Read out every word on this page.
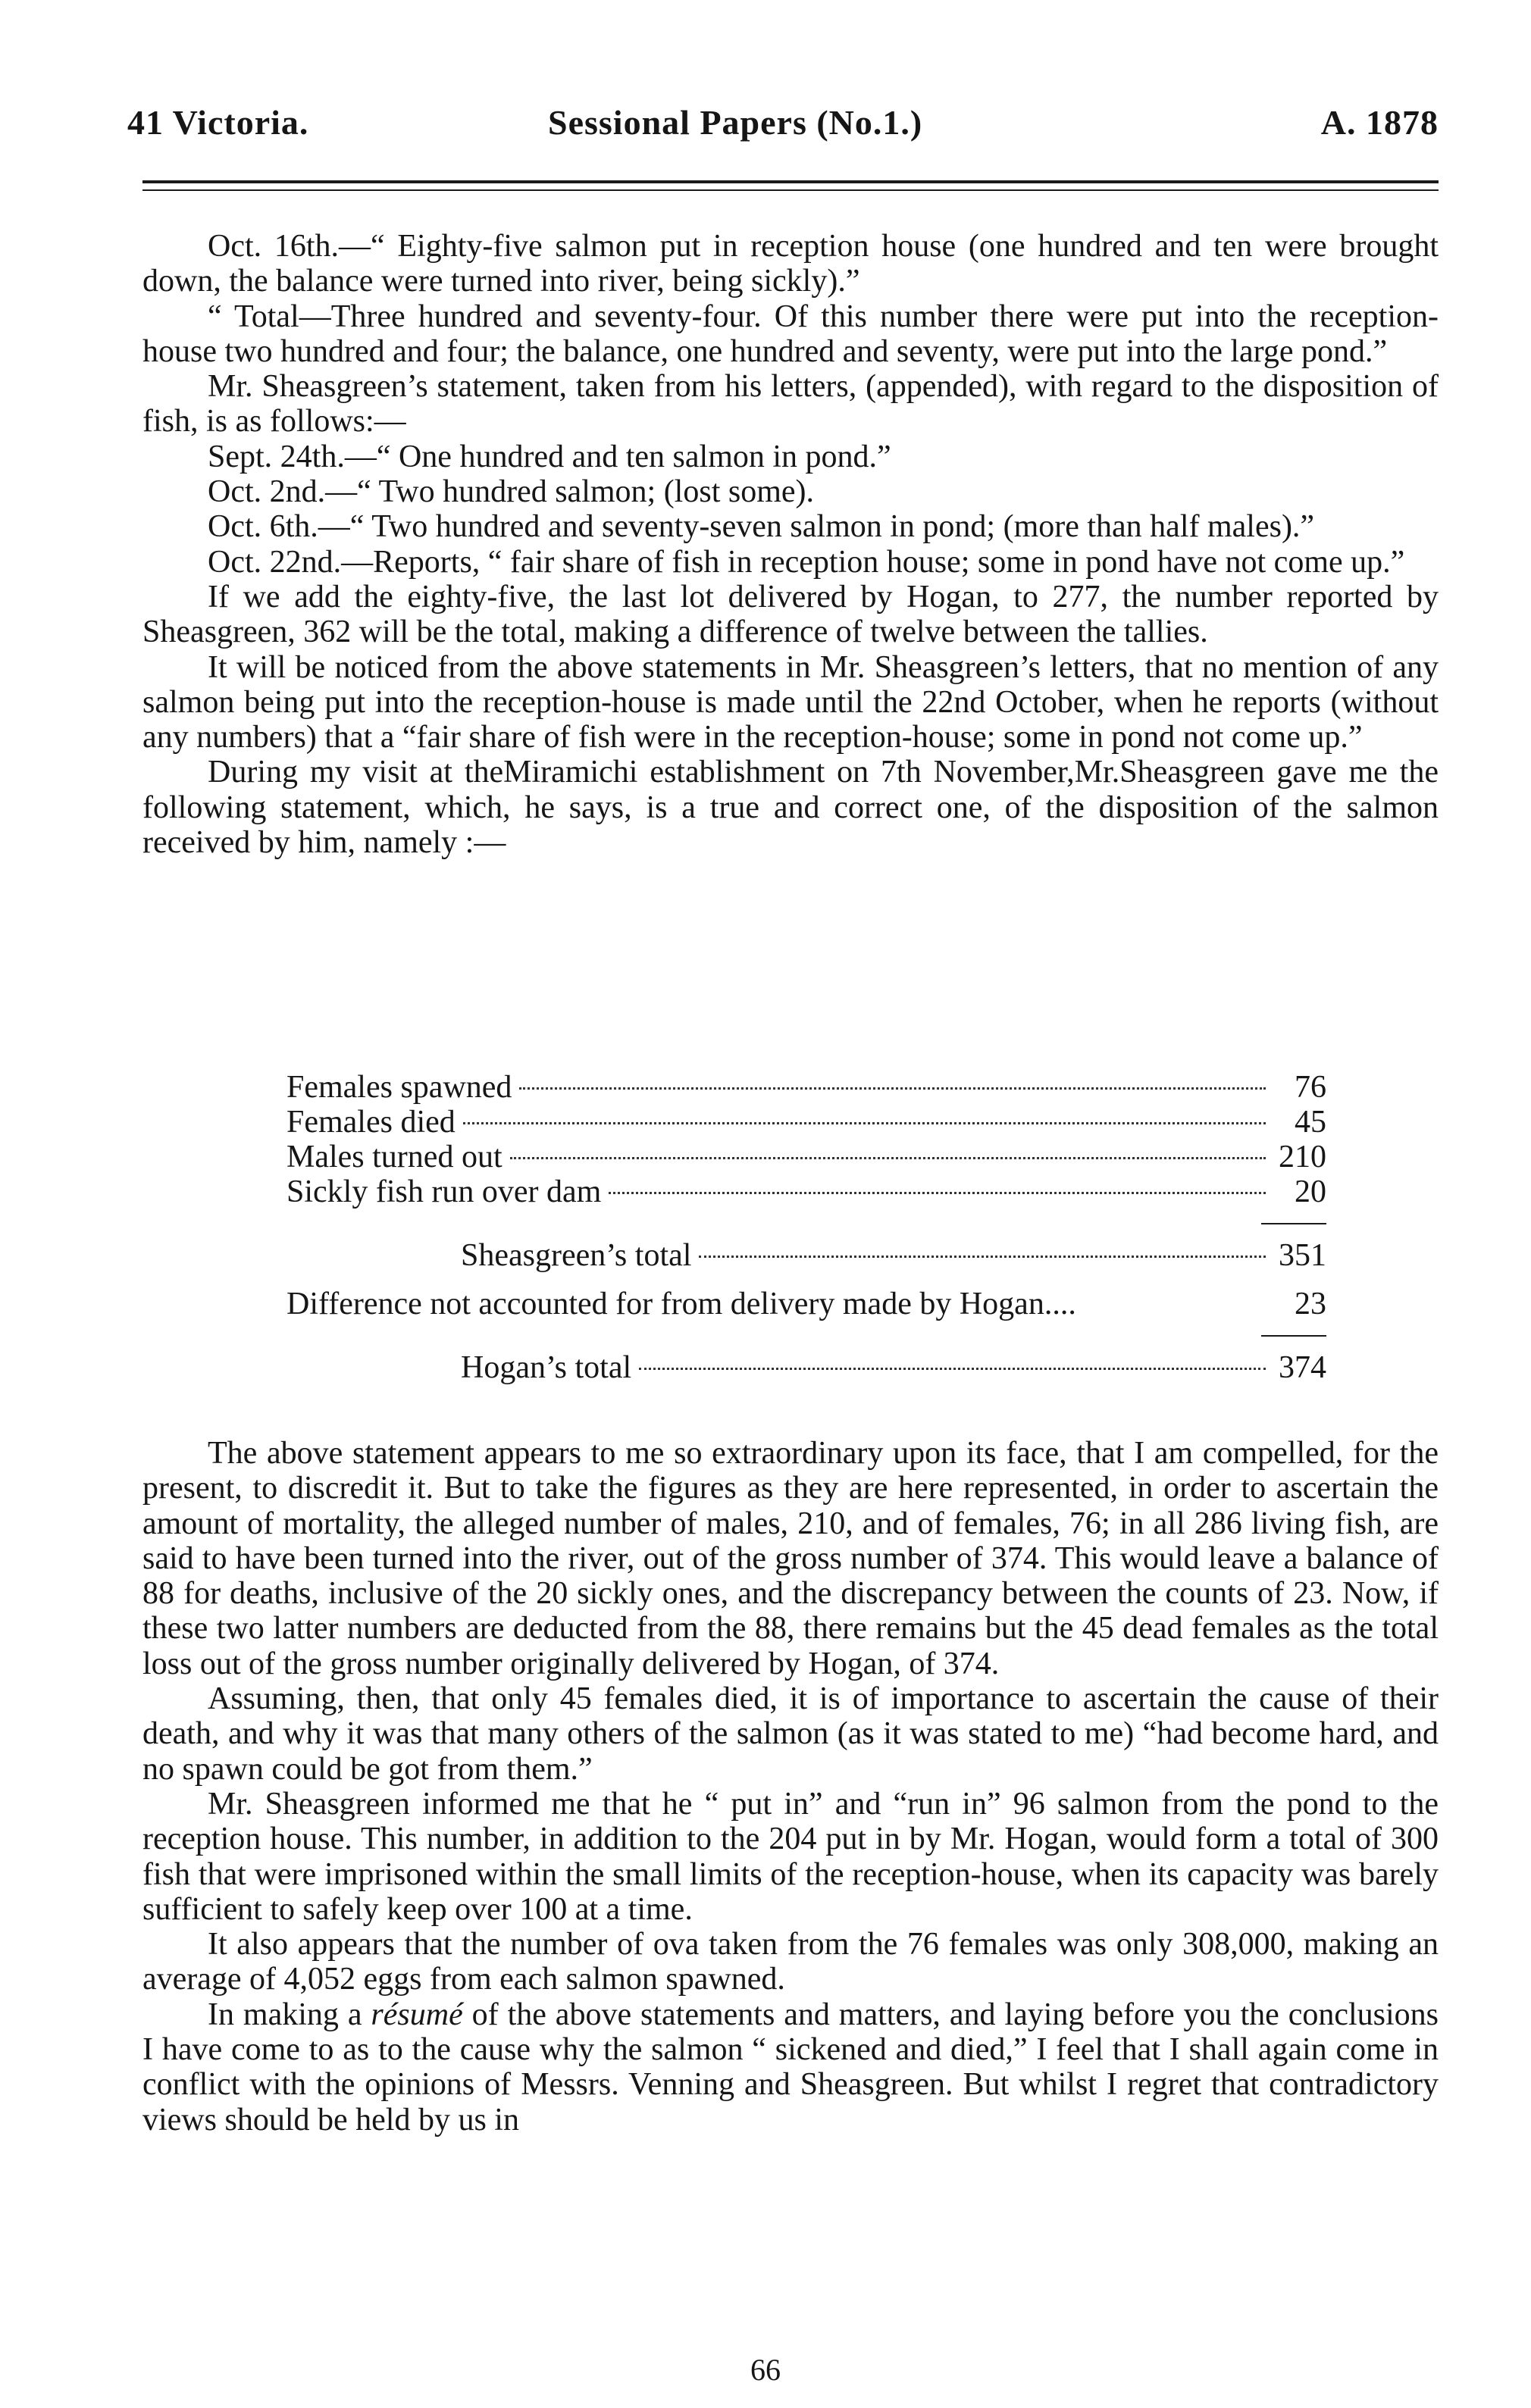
41 Victoria.	Sessional Papers (No.1.)	A. 1878

Oct. 16th.—“ Eighty-five salmon put in reception house (one hundred and ten were brought down, the balance were turned into river, being sickly).”

“ Total—Three hundred and seventy-four. Of this number there were put into the reception-house two hundred and four; the balance, one hundred and seventy, were put into the large pond.”

Mr. Sheasgreen’s statement, taken from his letters, (appended), with regard to the disposition of fish, is as follows:—

Sept. 24th.—“ One hundred and ten salmon in pond.”

Oct. 2nd.—“ Two hundred salmon; (lost some).

Oct. 6th.—“ Two hundred and seventy-seven salmon in pond; (more than half males).”

Oct. 22nd.—Reports, “ fair share of fish in reception house; some in pond have not come up.”

If we add the eighty-five, the last lot delivered by Hogan, to 277, the number reported by Sheasgreen, 362 will be the total, making a difference of twelve between the tallies.

It will be noticed from the above statements in Mr. Sheasgreen’s letters, that no mention of any salmon being put into the reception-house is made until the 22nd October, when he reports (without any numbers) that a “fair share of fish were in the reception-house; some in pond not come up.”

During my visit at theMiramichi establishment on 7th November,Mr.Sheasgreen gave me the following statement, which, he says, is a true and correct one, of the disposition of the salmon received by him, namely :—

Females spawned	76
Females died	45
Males turned out	210
Sickly fish run over dam	20
Sheasgreen’s total	351
Difference not accounted for from delivery made by Hogan....	23
Hogan’s total	374

The above statement appears to me so extraordinary upon its face, that I am compelled, for the present, to discredit it. But to take the figures as they are here represented, in order to ascertain the amount of mortality, the alleged number of males, 210, and of females, 76; in all 286 living fish, are said to have been turned into the river, out of the gross number of 374. This would leave a balance of 88 for deaths, inclusive of the 20 sickly ones, and the discrepancy between the counts of 23. Now, if these two latter numbers are deducted from the 88, there remains but the 45 dead females as the total loss out of the gross number originally delivered by Hogan, of 374.

Assuming, then, that only 45 females died, it is of importance to ascertain the cause of their death, and why it was that many others of the salmon (as it was stated to me) “had become hard, and no spawn could be got from them.”

Mr. Sheasgreen informed me that he “ put in” and “run in” 96 salmon from the pond to the reception house. This number, in addition to the 204 put in by Mr. Hogan, would form a total of 300 fish that were imprisoned within the small limits of the reception-house, when its capacity was barely sufficient to safely keep over 100 at a time.

It also appears that the number of ova taken from the 76 females was only 308,000, making an average of 4,052 eggs from each salmon spawned.

In making a résumé of the above statements and matters, and laying before you the conclusions I have come to as to the cause why the salmon “ sickened and died,” I feel that I shall again come in conflict with the opinions of Messrs. Venning and Sheasgreen. But whilst I regret that contradictory views should be held by us in

66
